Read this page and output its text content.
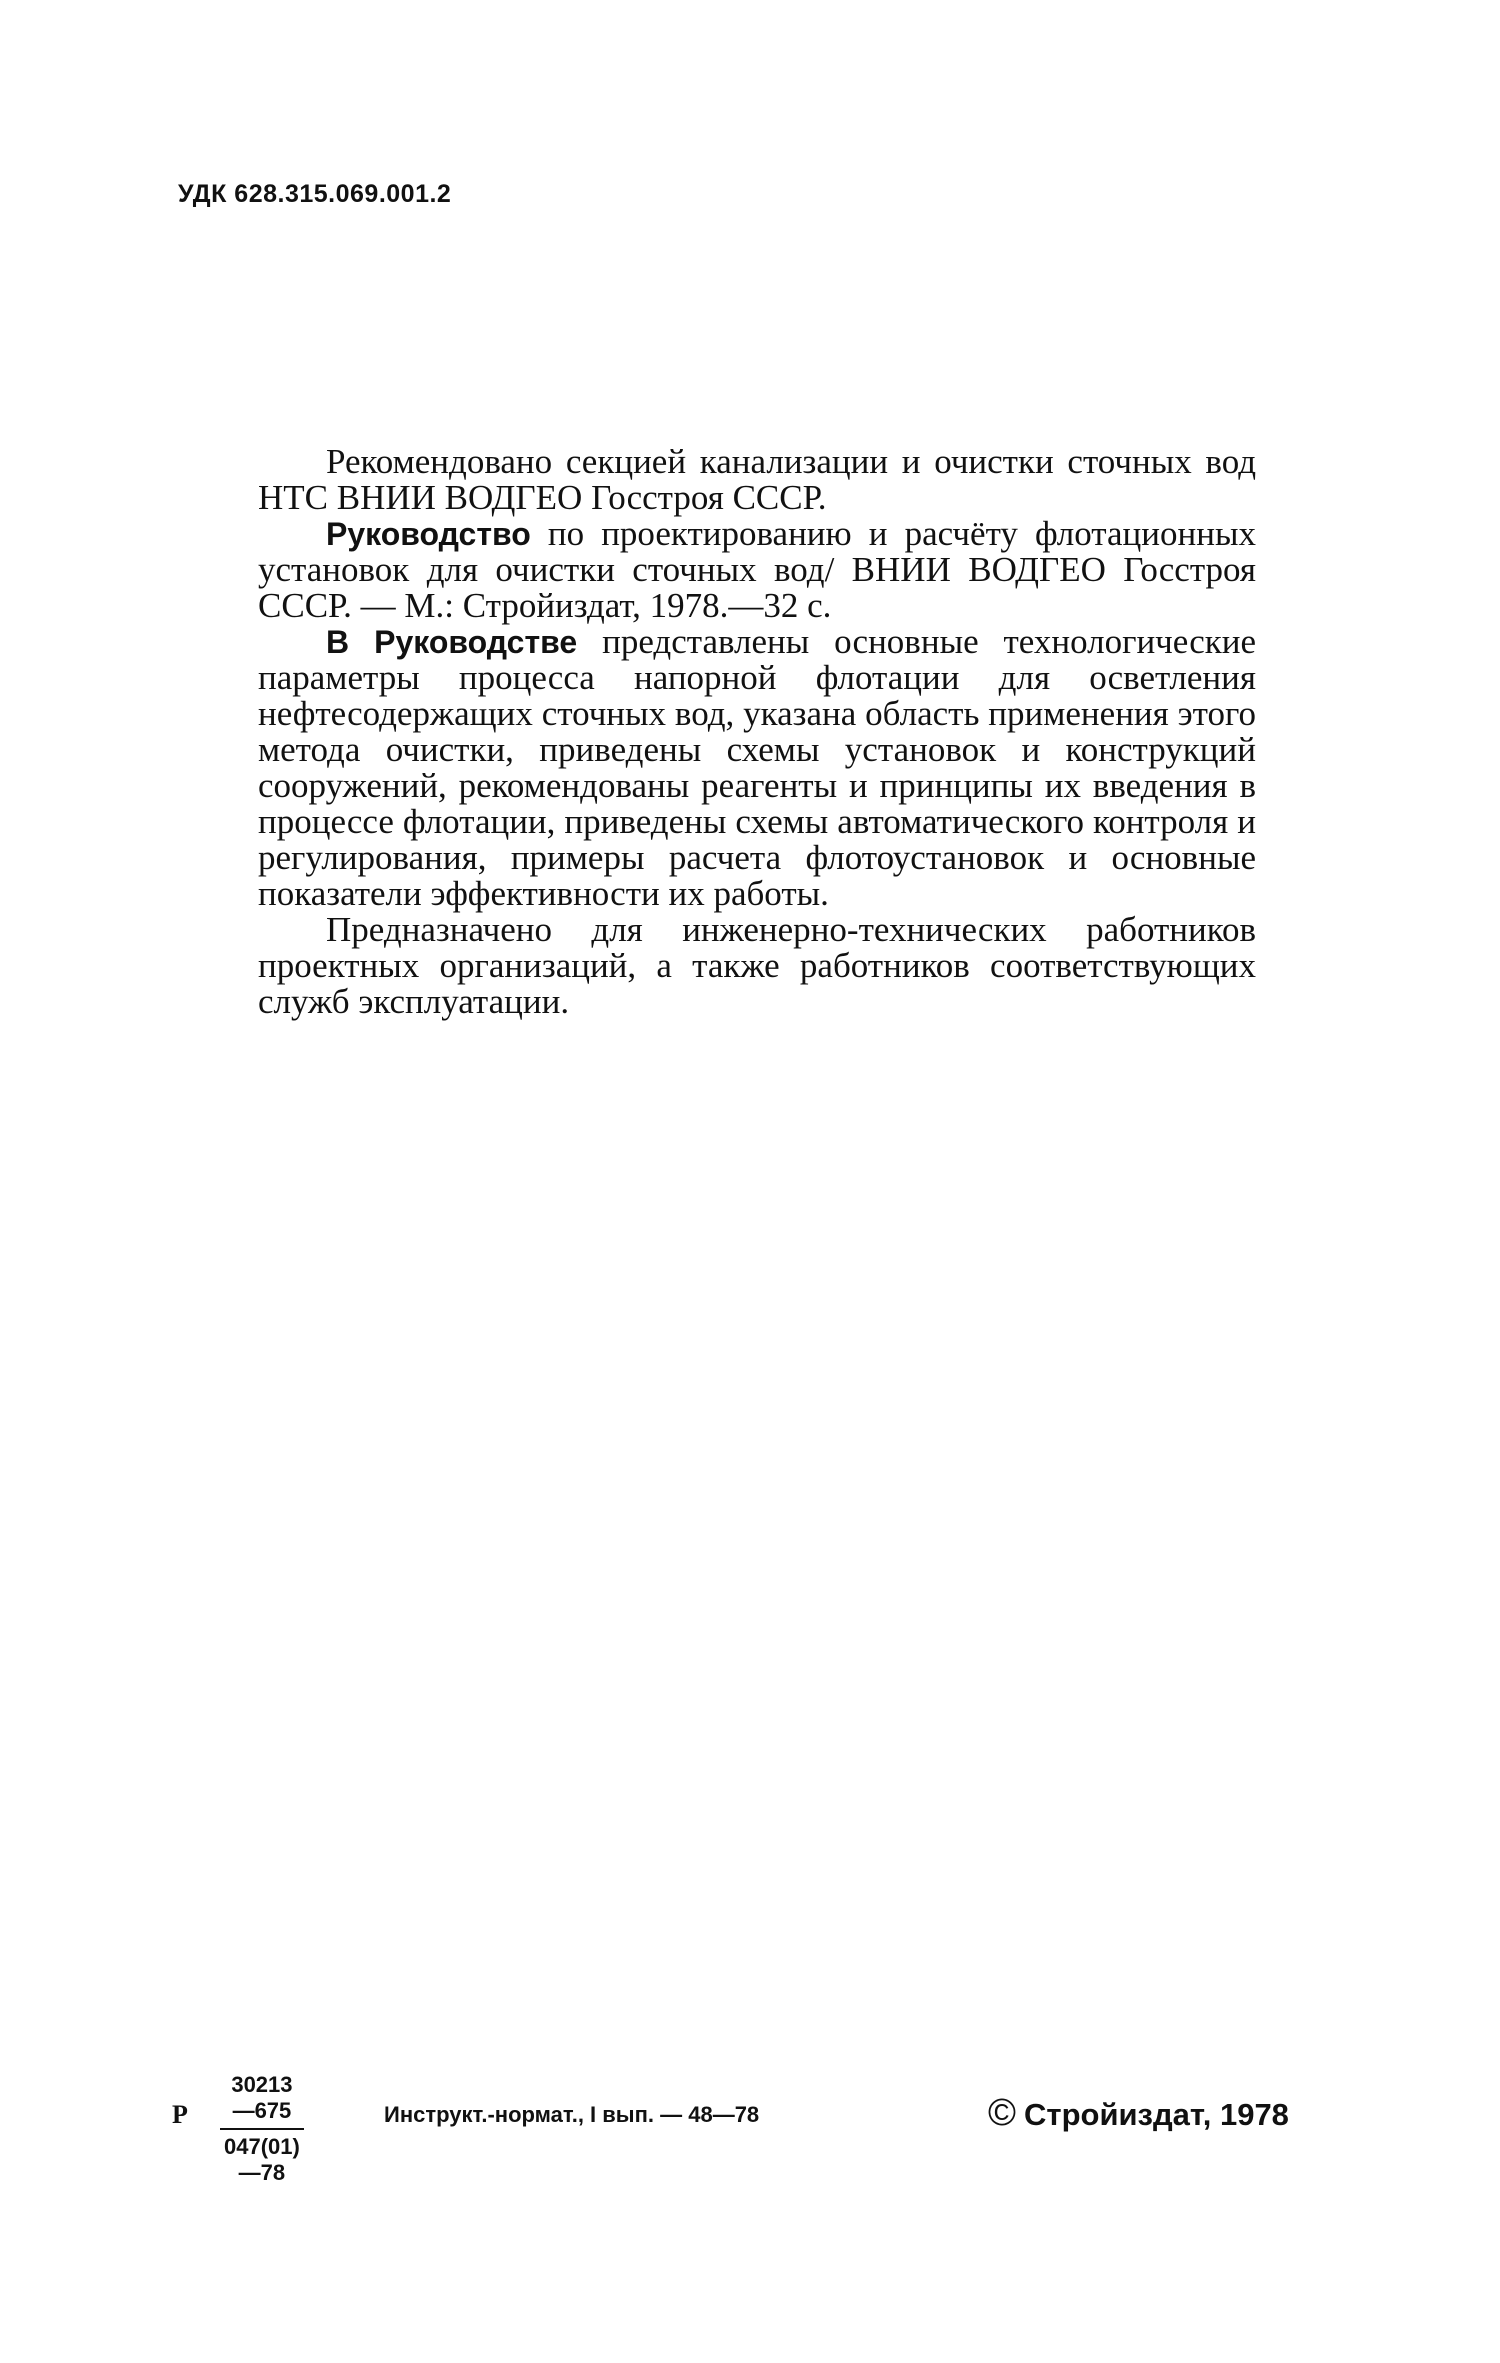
УДК 628.315.069.001.2

Рекомендовано секцией канализации и очистки сточных вод НТС ВНИИ ВОДГЕО Госстроя СССР.

Руководство по проектированию и расчёту флотационных установок для очистки сточных вод/ ВНИИ ВОДГЕО Госстроя СССР. — М.: Стройиздат, 1978.—32 с.

В Руководстве представлены основные технологические параметры процесса напорной флотации для осветления нефтесодержащих сточных вод, указана область применения этого метода очистки, приведены схемы установок и конструкций сооружений, рекомендованы реагенты и принципы их введения в процессе флотации, приведены схемы автоматического контроля и регулирования, примеры расчета флотоустановок и основные показатели эффективности их работы.

Предназначено для инженерно-технических работников проектных организаций, а также работников соответствующих служб эксплуатации.

Р $\frac{30213—675}{047(01)—78}$	Инструкт.-нормат., I вып. — 48—78	© Стройиздат, 1978
